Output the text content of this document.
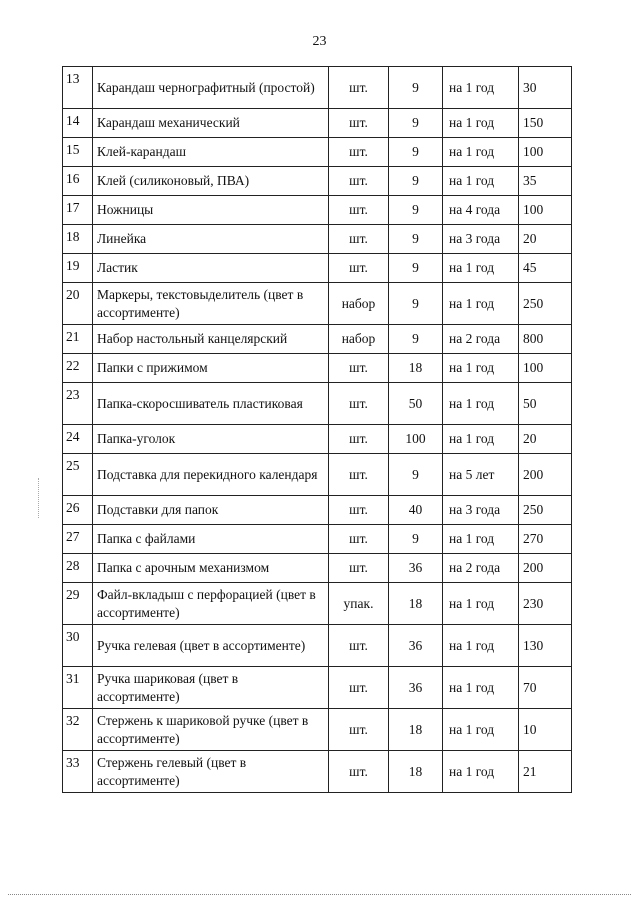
23
13	Карандаш чернографитный (простой)	шт.	9	на 1 год	30
14	Карандаш механический	шт.	9	на 1 год	150
15	Клей-карандаш	шт.	9	на 1 год	100
16	Клей (силиконовый, ПВА)	шт.	9	на 1 год	35
17	Ножницы	шт.	9	на 4 года	100
18	Линейка	шт.	9	на 3 года	20
19	Ластик	шт.	9	на 1 год	45
20	Маркеры, текстовыделитель (цвет в ассортименте)	набор	9	на 1 год	250
21	Набор настольный канцелярский	набор	9	на 2 года	800
22	Папки с прижимом	шт.	18	на 1 год	100
23	Папка-скоросшиватель пластиковая	шт.	50	на 1 год	50
24	Папка-уголок	шт.	100	на 1 год	20
25	Подставка для перекидного календаря	шт.	9	на 5 лет	200
26	Подставки для папок	шт.	40	на 3 года	250
27	Папка с файлами	шт.	9	на 1 год	270
28	Папка с арочным механизмом	шт.	36	на 2 года	200
29	Файл-вкладыш с перфорацией (цвет в ассортименте)	упак.	18	на 1 год	230
30	Ручка гелевая (цвет в ассортименте)	шт.	36	на 1 год	130
31	Ручка шариковая (цвет в ассортименте)	шт.	36	на 1 год	70
32	Стержень к шариковой ручке (цвет в ассортименте)	шт.	18	на 1 год	10
33	Стержень гелевый (цвет в ассортименте)	шт.	18	на 1 год	21
